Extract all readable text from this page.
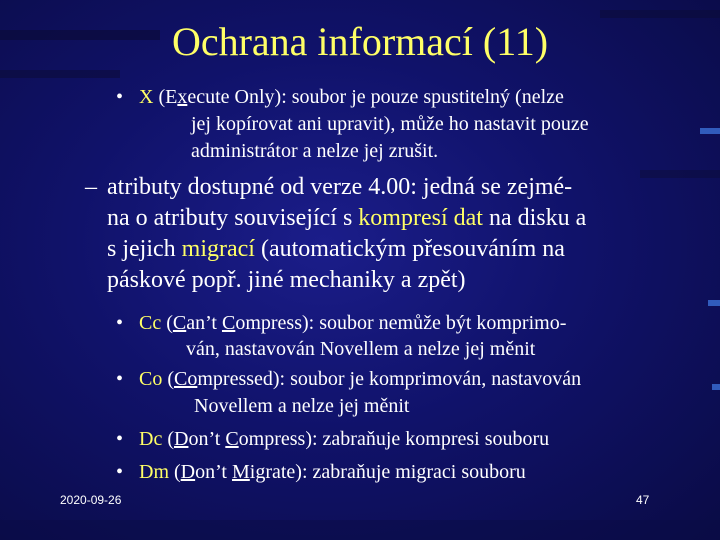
Ochrana informací (11)
• X (Execute Only): soubor je pouze spustitelný (nelze
jej kopírovat ani upravit), může ho nastavit pouze
administrátor a nelze jej zrušit.
– atributy dostupné od verze 4.00: jedná se zejmé-
na o atributy související s kompresí dat na disku a
s jejich migrací (automatickým přesouváním na
páskové popř. jiné mechaniky a zpět)
• Cc (Can’t Compress): soubor nemůže být komprimo-
ván, nastavován Novellem a nelze jej měnit
• Co (Compressed): soubor je komprimován, nastavován
Novellem a nelze jej měnit
• Dc (Don’t Compress): zabraňuje kompresi souboru
• Dm (Don’t Migrate): zabraňuje migraci souboru
2020-09-26	47
